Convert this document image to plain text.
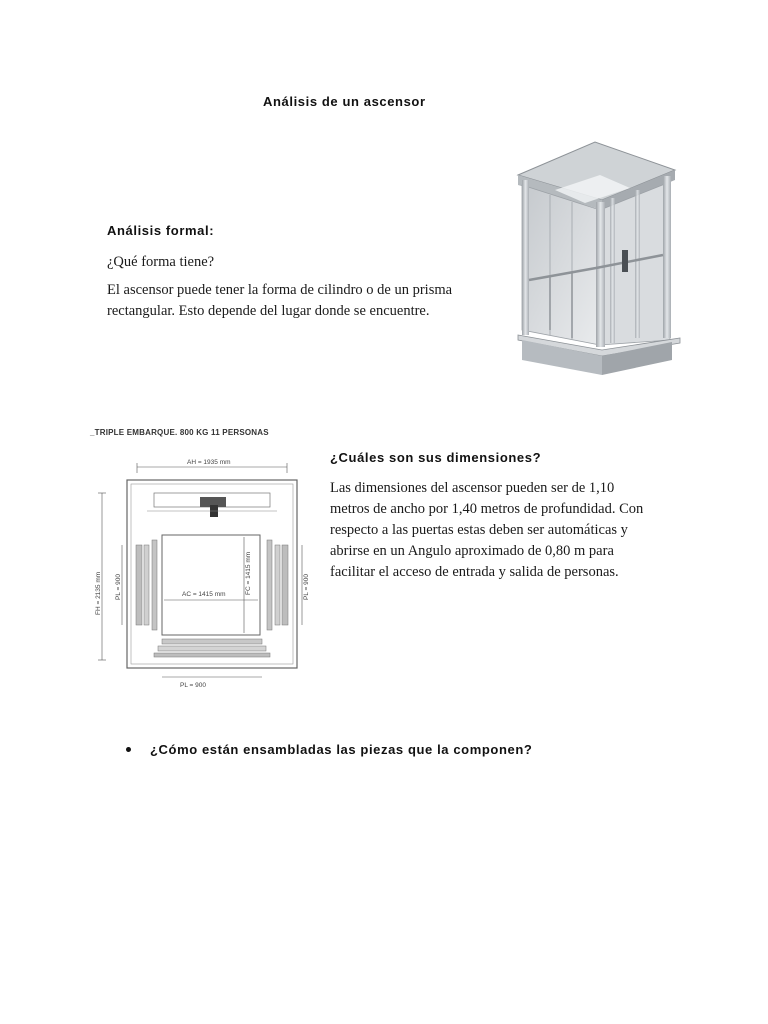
Análisis de un ascensor
Análisis formal:
¿Qué forma tiene?
El ascensor puede tener la forma de cilindro o de un prisma
rectangular. Esto depende del lugar donde se encuentre.
_TRIPLE EMBARQUE. 800 KG 11 PERSONAS
AH = 1935 mm
AC = 1415 mm	FC = 1415 mm
FH = 2135 mm PL = 900	PL = 900
PL = 900
¿Cuáles son sus dimensiones?
Las dimensiones del ascensor pueden ser de 1,10
metros de ancho por 1,40 metros de profundidad. Con
respecto a las puertas estas deben ser automáticas y
abrirse en un Angulo aproximado de 0,80 m para
facilitar el acceso de entrada y salida de personas.
¿Cómo están ensambladas las piezas que la componen?
